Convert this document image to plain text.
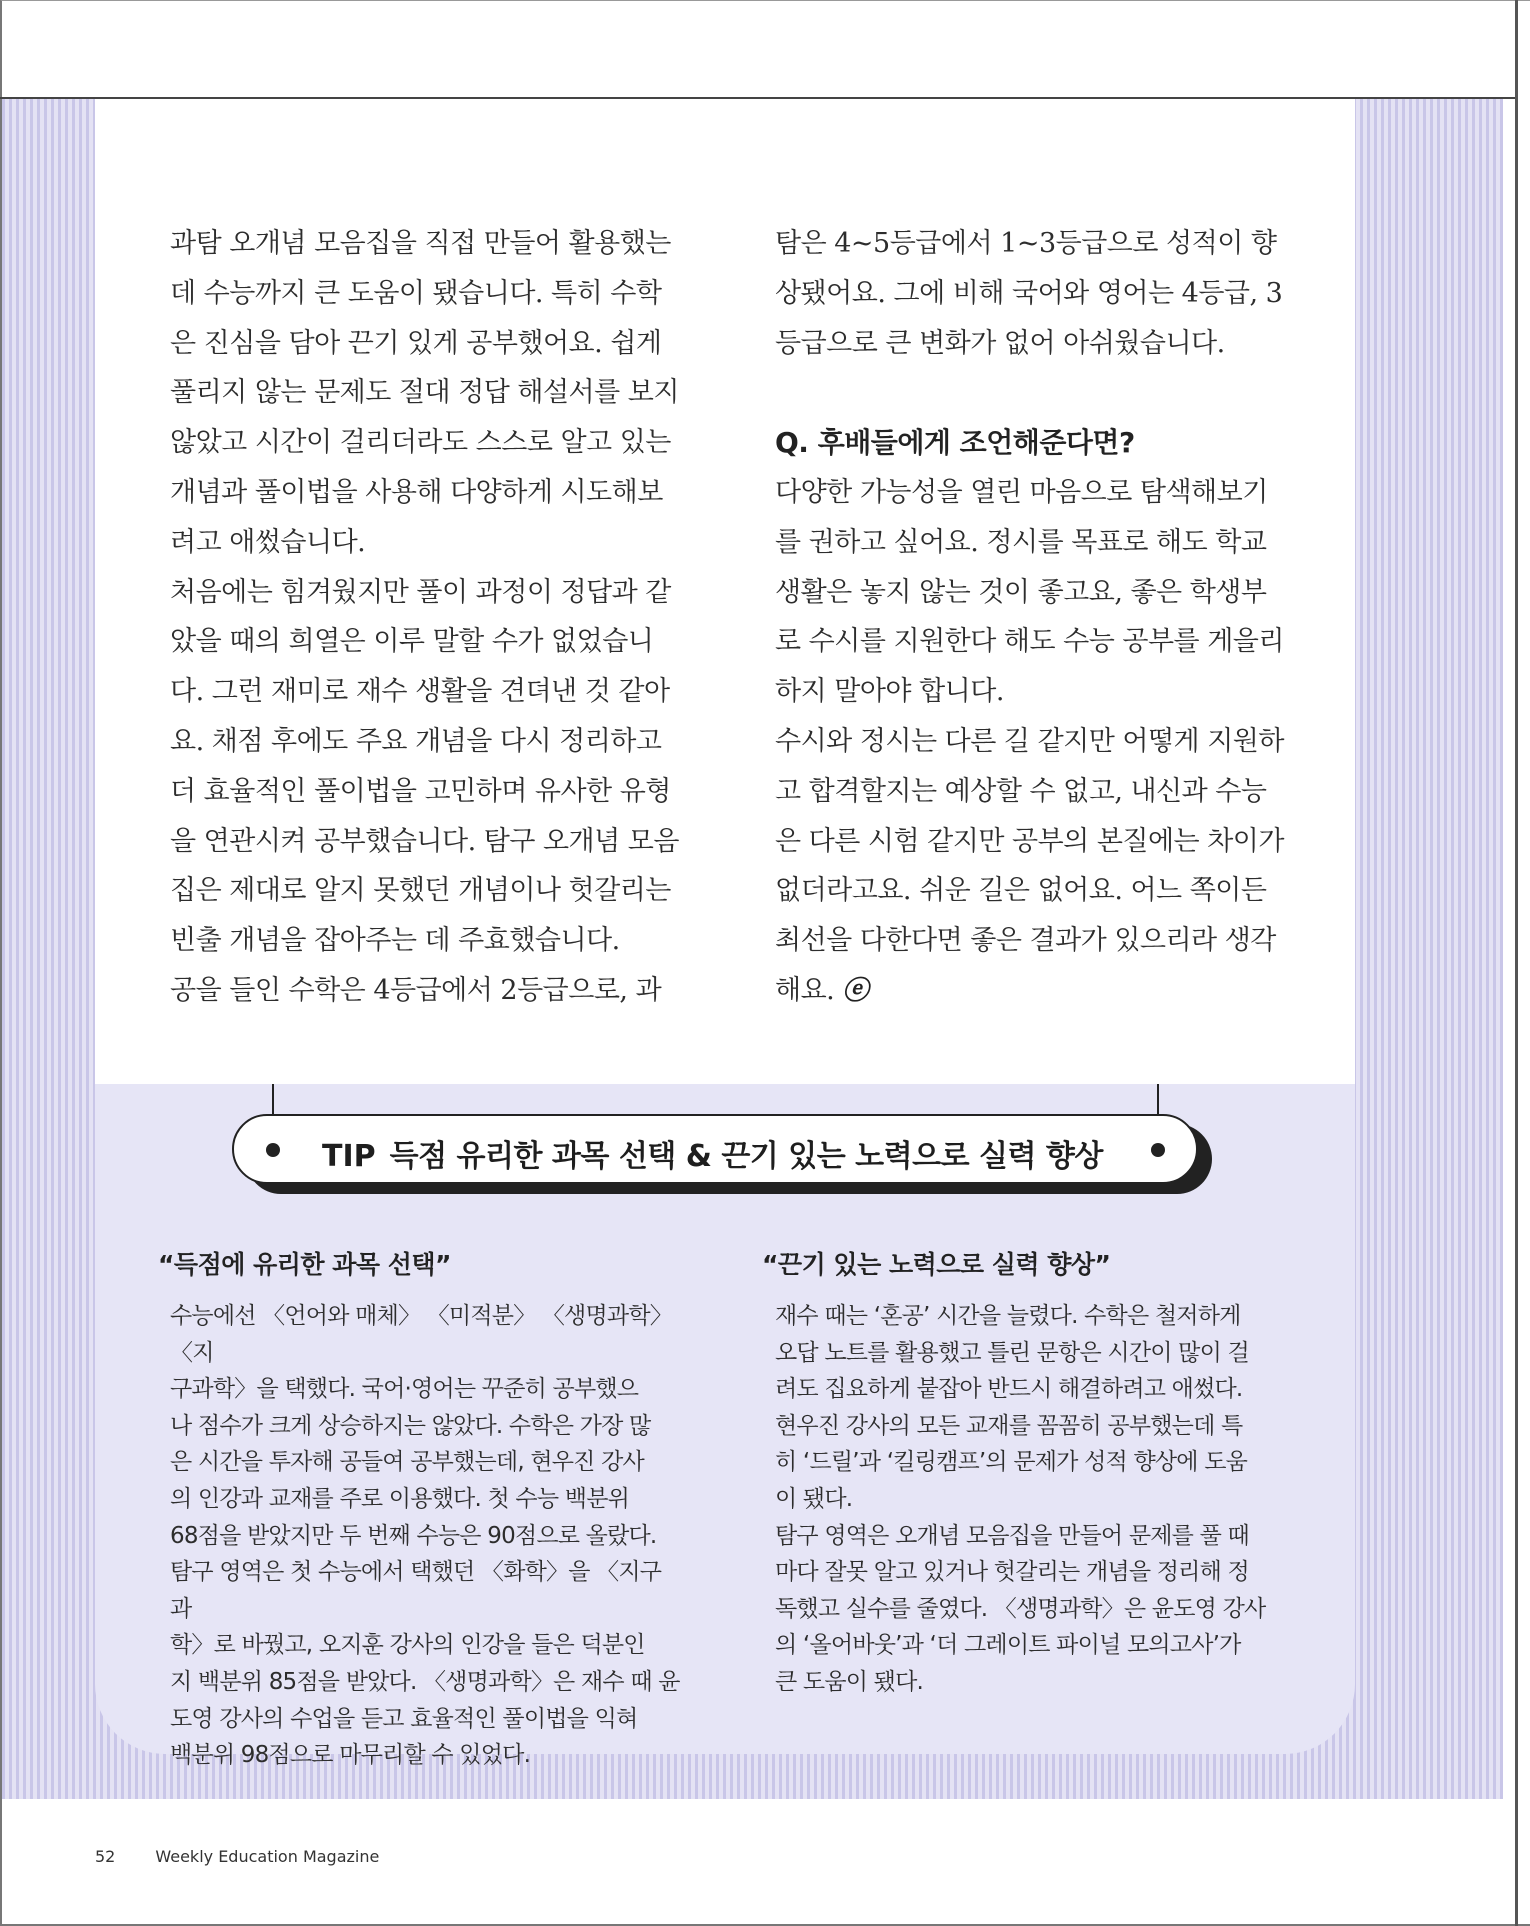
과탐 오개념 모음집을 직접 만들어 활용했는

데 수능까지 큰 도움이 됐습니다. 특히 수학

은 진심을 담아 끈기 있게 공부했어요. 쉽게

풀리지 않는 문제도 절대 정답 해설서를 보지

않았고 시간이 걸리더라도 스스로 알고 있는

개념과 풀이법을 사용해 다양하게 시도해보

려고 애썼습니다.

처음에는 힘겨웠지만 풀이 과정이 정답과 같

았을 때의 희열은 이루 말할 수가 없었습니

다. 그런 재미로 재수 생활을 견뎌낸 것 같아

요. 채점 후에도 주요 개념을 다시 정리하고

더 효율적인 풀이법을 고민하며 유사한 유형

을 연관시켜 공부했습니다. 탐구 오개념 모음

집은 제대로 알지 못했던 개념이나 헛갈리는

빈출 개념을 잡아주는 데 주효했습니다.

공을 들인 수학은 4등급에서 2등급으로, 과

탐은 4~5등급에서 1~3등급으로 성적이 향

상됐어요. 그에 비해 국어와 영어는 4등급, 3

등급으로 큰 변화가 없어 아쉬웠습니다.

Q. 후배들에게 조언해준다면?

다양한 가능성을 열린 마음으로 탐색해보기

를 권하고 싶어요. 정시를 목표로 해도 학교

생활은 놓지 않는 것이 좋고요, 좋은 학생부

로 수시를 지원한다 해도 수능 공부를 게을리

하지 말아야 합니다.

수시와 정시는 다른 길 같지만 어떻게 지원하

고 합격할지는 예상할 수 없고, 내신과 수능

은 다른 시험 같지만 공부의 본질에는 차이가

없더라고요. 쉬운 길은 없어요. 어느 쪽이든

최선을 다한다면 좋은 결과가 있으리라 생각

해요. ⓔ

TIP 득점 유리한 과목 선택 & 끈기 있는 노력으로 실력 향상
“득점에 유리한 과목 선택”	“끈기 있는 노력으로 실력 향상”

수능에선 〈언어와 매체〉 〈미적분〉 〈생명과학〉 〈지

구과학〉을 택했다. 국어·영어는 꾸준히 공부했으

나 점수가 크게 상승하지는 않았다. 수학은 가장 많

은 시간을 투자해 공들여 공부했는데, 현우진 강사

의 인강과 교재를 주로 이용했다. 첫 수능 백분위

68점을 받았지만 두 번째 수능은 90점으로 올랐다.

탐구 영역은 첫 수능에서 택했던 〈화학〉을 〈지구과

학〉로 바꿨고, 오지훈 강사의 인강을 들은 덕분인

지 백분위 85점을 받았다. 〈생명과학〉은 재수 때 윤

도영 강사의 수업을 듣고 효율적인 풀이법을 익혀

백분위 98점으로 마무리할 수 있었다.

재수 때는 ‘혼공’ 시간을 늘렸다. 수학은 철저하게

오답 노트를 활용했고 틀린 문항은 시간이 많이 걸

려도 집요하게 붙잡아 반드시 해결하려고 애썼다.

현우진 강사의 모든 교재를 꼼꼼히 공부했는데 특

히 ‘드릴’과 ‘킬링캠프’의 문제가 성적 향상에 도움

이 됐다.

탐구 영역은 오개념 모음집을 만들어 문제를 풀 때

마다 잘못 알고 있거나 헛갈리는 개념을 정리해 정

독했고 실수를 줄였다. 〈생명과학〉은 윤도영 강사

의 ‘올어바웃’과 ‘더 그레이트 파이널 모의고사’가

큰 도움이 됐다.

52	Weekly Education Magazine
